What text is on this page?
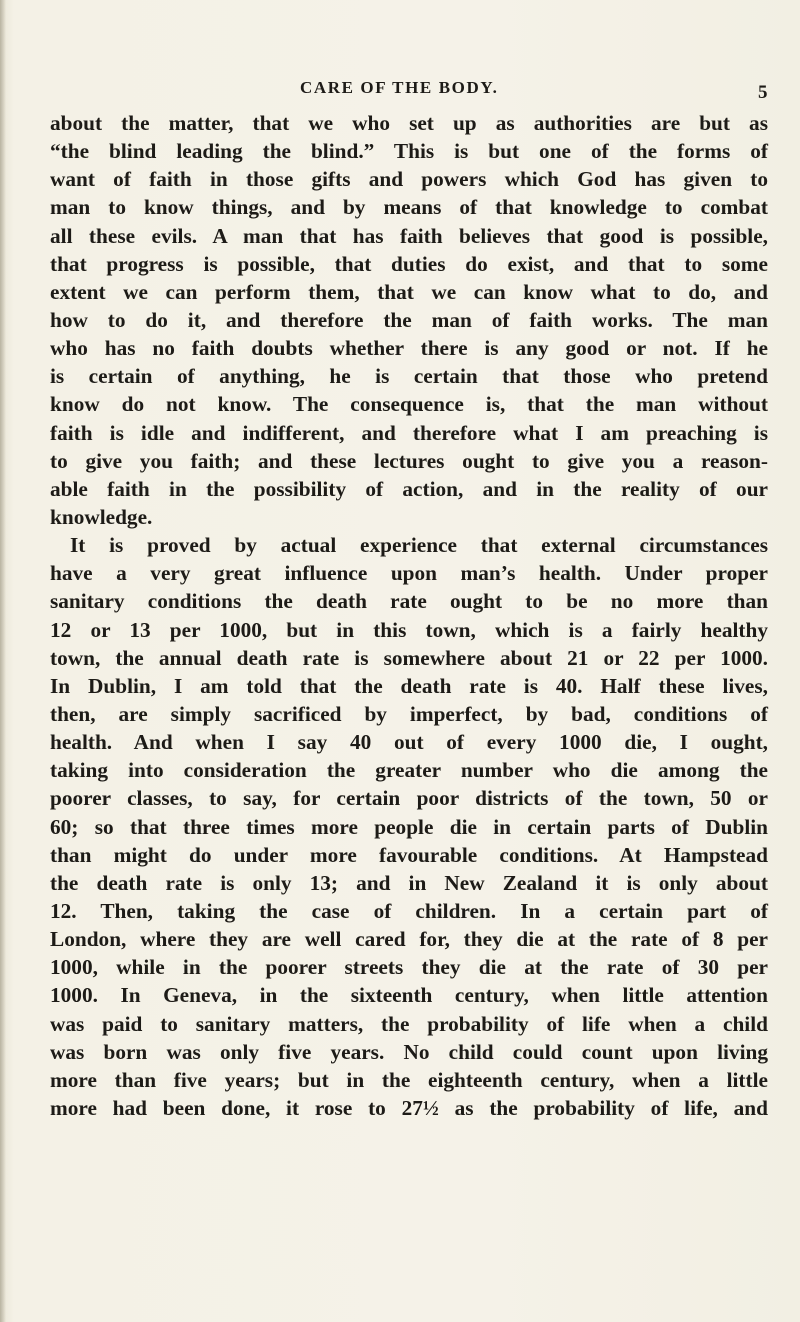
CARE OF THE BODY.	5
about the matter, that we who set up as authorities are but as
“the blind leading the blind.” This is but one of the forms of
want of faith in those gifts and powers which God has given to
man to know things, and by means of that knowledge to combat
all these evils. A man that has faith believes that good is possible,
that progress is possible, that duties do exist, and that to some
extent we can perform them, that we can know what to do, and
how to do it, and therefore the man of faith works. The man
who has no faith doubts whether there is any good or not. If he
is certain of anything, he is certain that those who pretend
know do not know. The consequence is, that the man without
faith is idle and indifferent, and therefore what I am preaching is
to give you faith; and these lectures ought to give you a reason-
able faith in the possibility of action, and in the reality of our
knowledge.
It is proved by actual experience that external circumstances
have a very great influence upon man’s health. Under proper
sanitary conditions the death rate ought to be no more than
12 or 13 per 1000, but in this town, which is a fairly healthy
town, the annual death rate is somewhere about 21 or 22 per 1000.
In Dublin, I am told that the death rate is 40. Half these lives,
then, are simply sacrificed by imperfect, by bad, conditions of
health. And when I say 40 out of every 1000 die, I ought,
taking into consideration the greater number who die among the
poorer classes, to say, for certain poor districts of the town, 50 or
60; so that three times more people die in certain parts of Dublin
than might do under more favourable conditions. At Hampstead
the death rate is only 13; and in New Zealand it is only about
12. Then, taking the case of children. In a certain part of
London, where they are well cared for, they die at the rate of 8 per
1000, while in the poorer streets they die at the rate of 30 per
1000. In Geneva, in the sixteenth century, when little attention
was paid to sanitary matters, the probability of life when a child
was born was only five years. No child could count upon living
more than five years; but in the eighteenth century, when a little
more had been done, it rose to 27½ as the probability of life, and
